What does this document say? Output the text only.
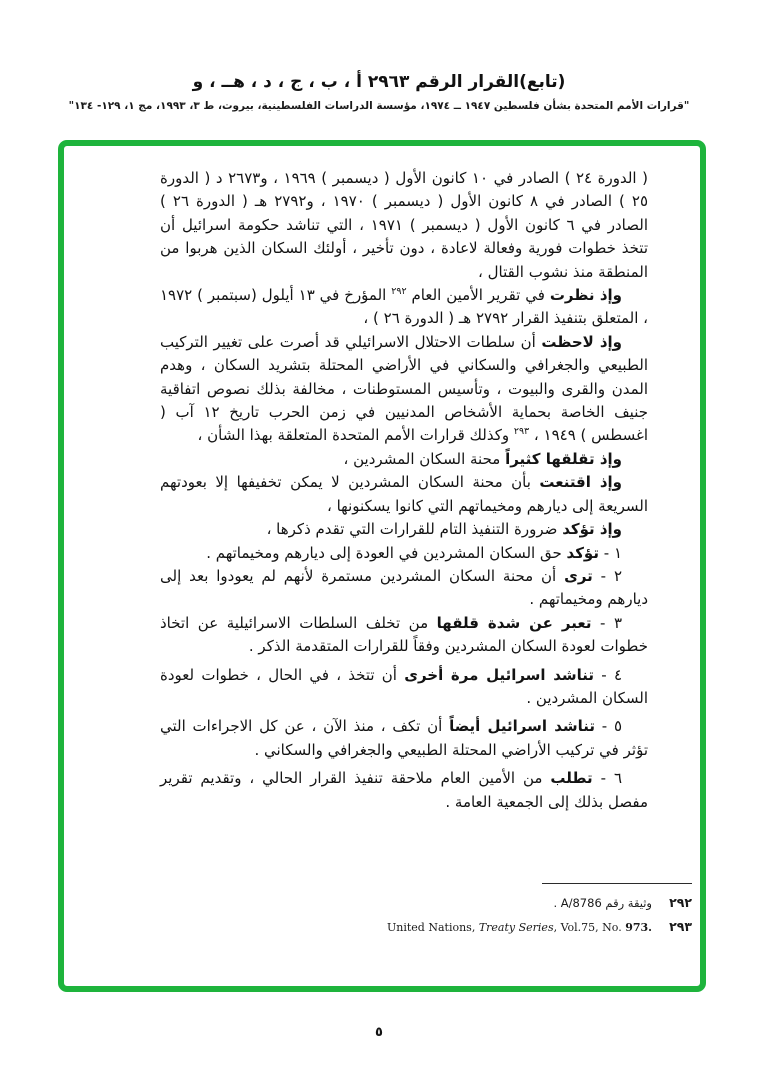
(تابع)القرار الرقم ٢٩٦٣ أ ، ب ، ج ، د ، هــ ، و
"قرارات الأمم المتحدة بشأن فلسطين ١٩٤٧ ــ ١٩٧٤، مؤسسة الدراسات الفلسطينية، بيروت، ط ٣، ١٩٩٣، مج ١، ١٢٩- ١٣٤"

( الدورة ٢٤ ) الصادر في ١٠ كانون الأول ( ديسمبر ) ١٩٦٩ ، و٢٦٧٣ د ( الدورة ٢٥ ) الصادر في ٨ كانون الأول ( ديسمبر ) ١٩٧٠ ، و٢٧٩٢ هـ ( الدورة ٢٦ ) الصادر في ٦ كانون الأول ( ديسمبر ) ١٩٧١ ، التي تناشد حكومة اسرائيل أن تتخذ خطوات فورية وفعالة لاعادة ، دون تأخير ، أولئك السكان الذين هربوا من المنطقة منذ نشوب القتال ،

وإذ نظرت في تقرير الأمين العام $^{٢٩٢}$ المؤرخ في ١٣ أيلول (سبتمبر ) ١٩٧٢ ، المتعلق بتنفيذ القرار ٢٧٩٢ هـ ( الدورة ٢٦ ) ،

وإذ لاحظت أن سلطات الاحتلال الاسرائيلي قد أصرت على تغيير التركيب الطبيعي والجغرافي والسكاني في الأراضي المحتلة بتشريد السكان ، وهدم المدن والقرى والبيوت ، وتأسيس المستوطنات ، مخالفة بذلك نصوص اتفاقية جنيف الخاصة بحماية الأشخاص المدنيين في زمن الحرب تاريخ ١٢ آب ( اغسطس ) ١٩٤٩ ، $^{٢٩٣}$ وكذلك قرارات الأمم المتحدة المتعلقة بهذا الشأن ،

وإذ تقلقها كثيراً محنة السكان المشردين ،

وإذ اقتنعت بأن محنة السكان المشردين لا يمكن تخفيفها إلا بعودتهم السريعة إلى ديارهم ومخيماتهم التي كانوا يسكنونها ،

وإذ تؤكد ضرورة التنفيذ التام للقرارات التي تقدم ذكرها ،

١ - تؤكد حق السكان المشردين في العودة إلى ديارهم ومخيماتهم .

٢ - ترى أن محنة السكان المشردين مستمرة لأنهم لم يعودوا بعد إلى ديارهم ومخيماتهم .

٣ - تعبر عن شدة قلقها من تخلف السلطات الاسرائيلية عن اتخاذ خطوات لعودة السكان المشردين وفقاً للقرارات المتقدمة الذكر .

٤ - تناشد اسرائيل مرة أخرى أن تتخذ ، في الحال ، خطوات لعودة السكان المشردين .

٥ - تناشد اسرائيل أيضاً أن تكف ، منذ الآن ، عن كل الاجراءات التي تؤثر في تركيب الأراضي المحتلة الطبيعي والجغرافي والسكاني .

٦ - تطلب من الأمين العام ملاحقة تنفيذ القرار الحالي ، وتقديم تقرير مفصل بذلك إلى الجمعية العامة .

٢٩٢
وثيقة رقم A/8786 .
٢٩٣
United Nations, Treaty Series, Vol.75, No. 973.
٥
